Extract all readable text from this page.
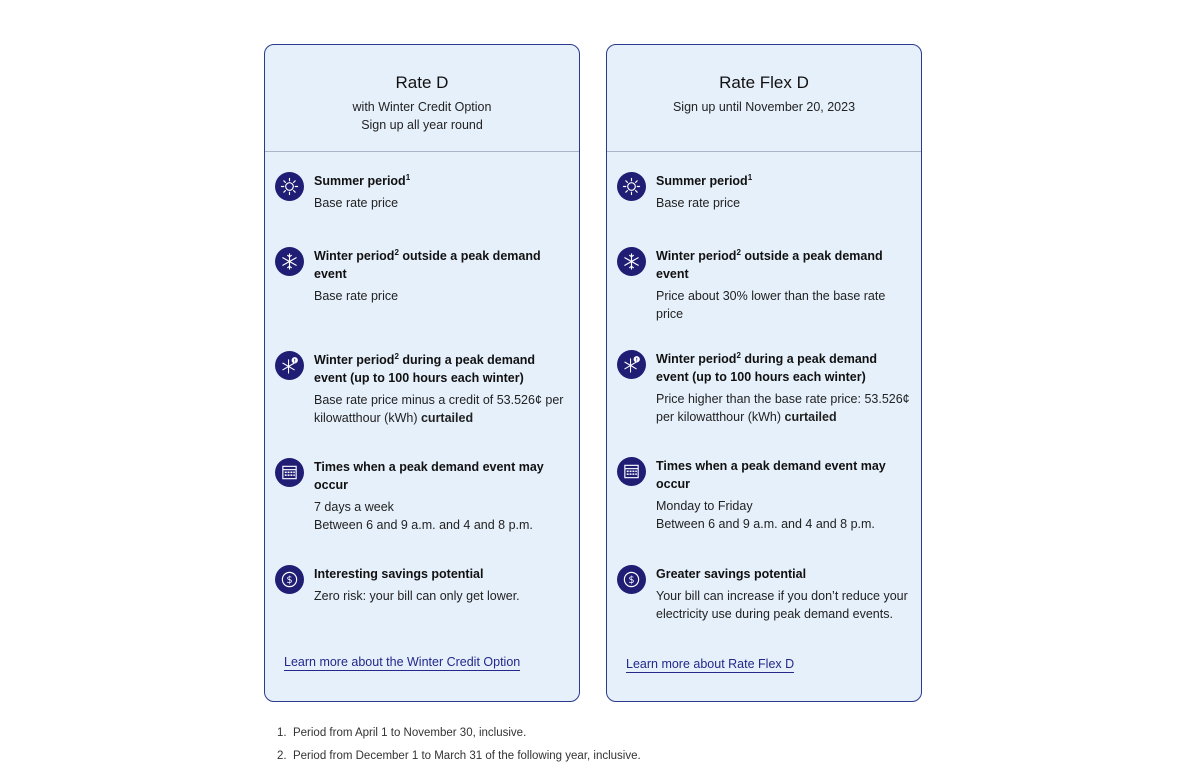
Rate D
with Winter Credit Option
Sign up all year round
Summer period$^1$
Base rate price
Winter period$^2$ outside a peak demand event
Base rate price
Winter period$^2$ during a peak demand event (up to 100 hours each winter)
Base rate price minus a credit of 53.526¢ per kilowatthour (kWh) curtailed
Times when a peak demand event may occur
7 days a week
Between 6 and 9 a.m. and 4 and 8 p.m.
Interesting savings potential
Zero risk: your bill can only get lower.
Learn more about the Winter Credit Option
Rate Flex D
Sign up until November 20, 2023
Summer period$^1$
Base rate price
Winter period$^2$ outside a peak demand event
Price about 30% lower than the base rate price
Winter period$^2$ during a peak demand event (up to 100 hours each winter)
Price higher than the base rate price: 53.526¢ per kilowatthour (kWh) curtailed
Times when a peak demand event may occur
Monday to Friday
Between 6 and 9 a.m. and 4 and 8 p.m.
Greater savings potential
Your bill can increase if you don’t reduce your electricity use during peak demand events.
Learn more about Rate Flex D
1.  Period from April 1 to November 30, inclusive.
2.  Period from December 1 to March 31 of the following year, inclusive.
